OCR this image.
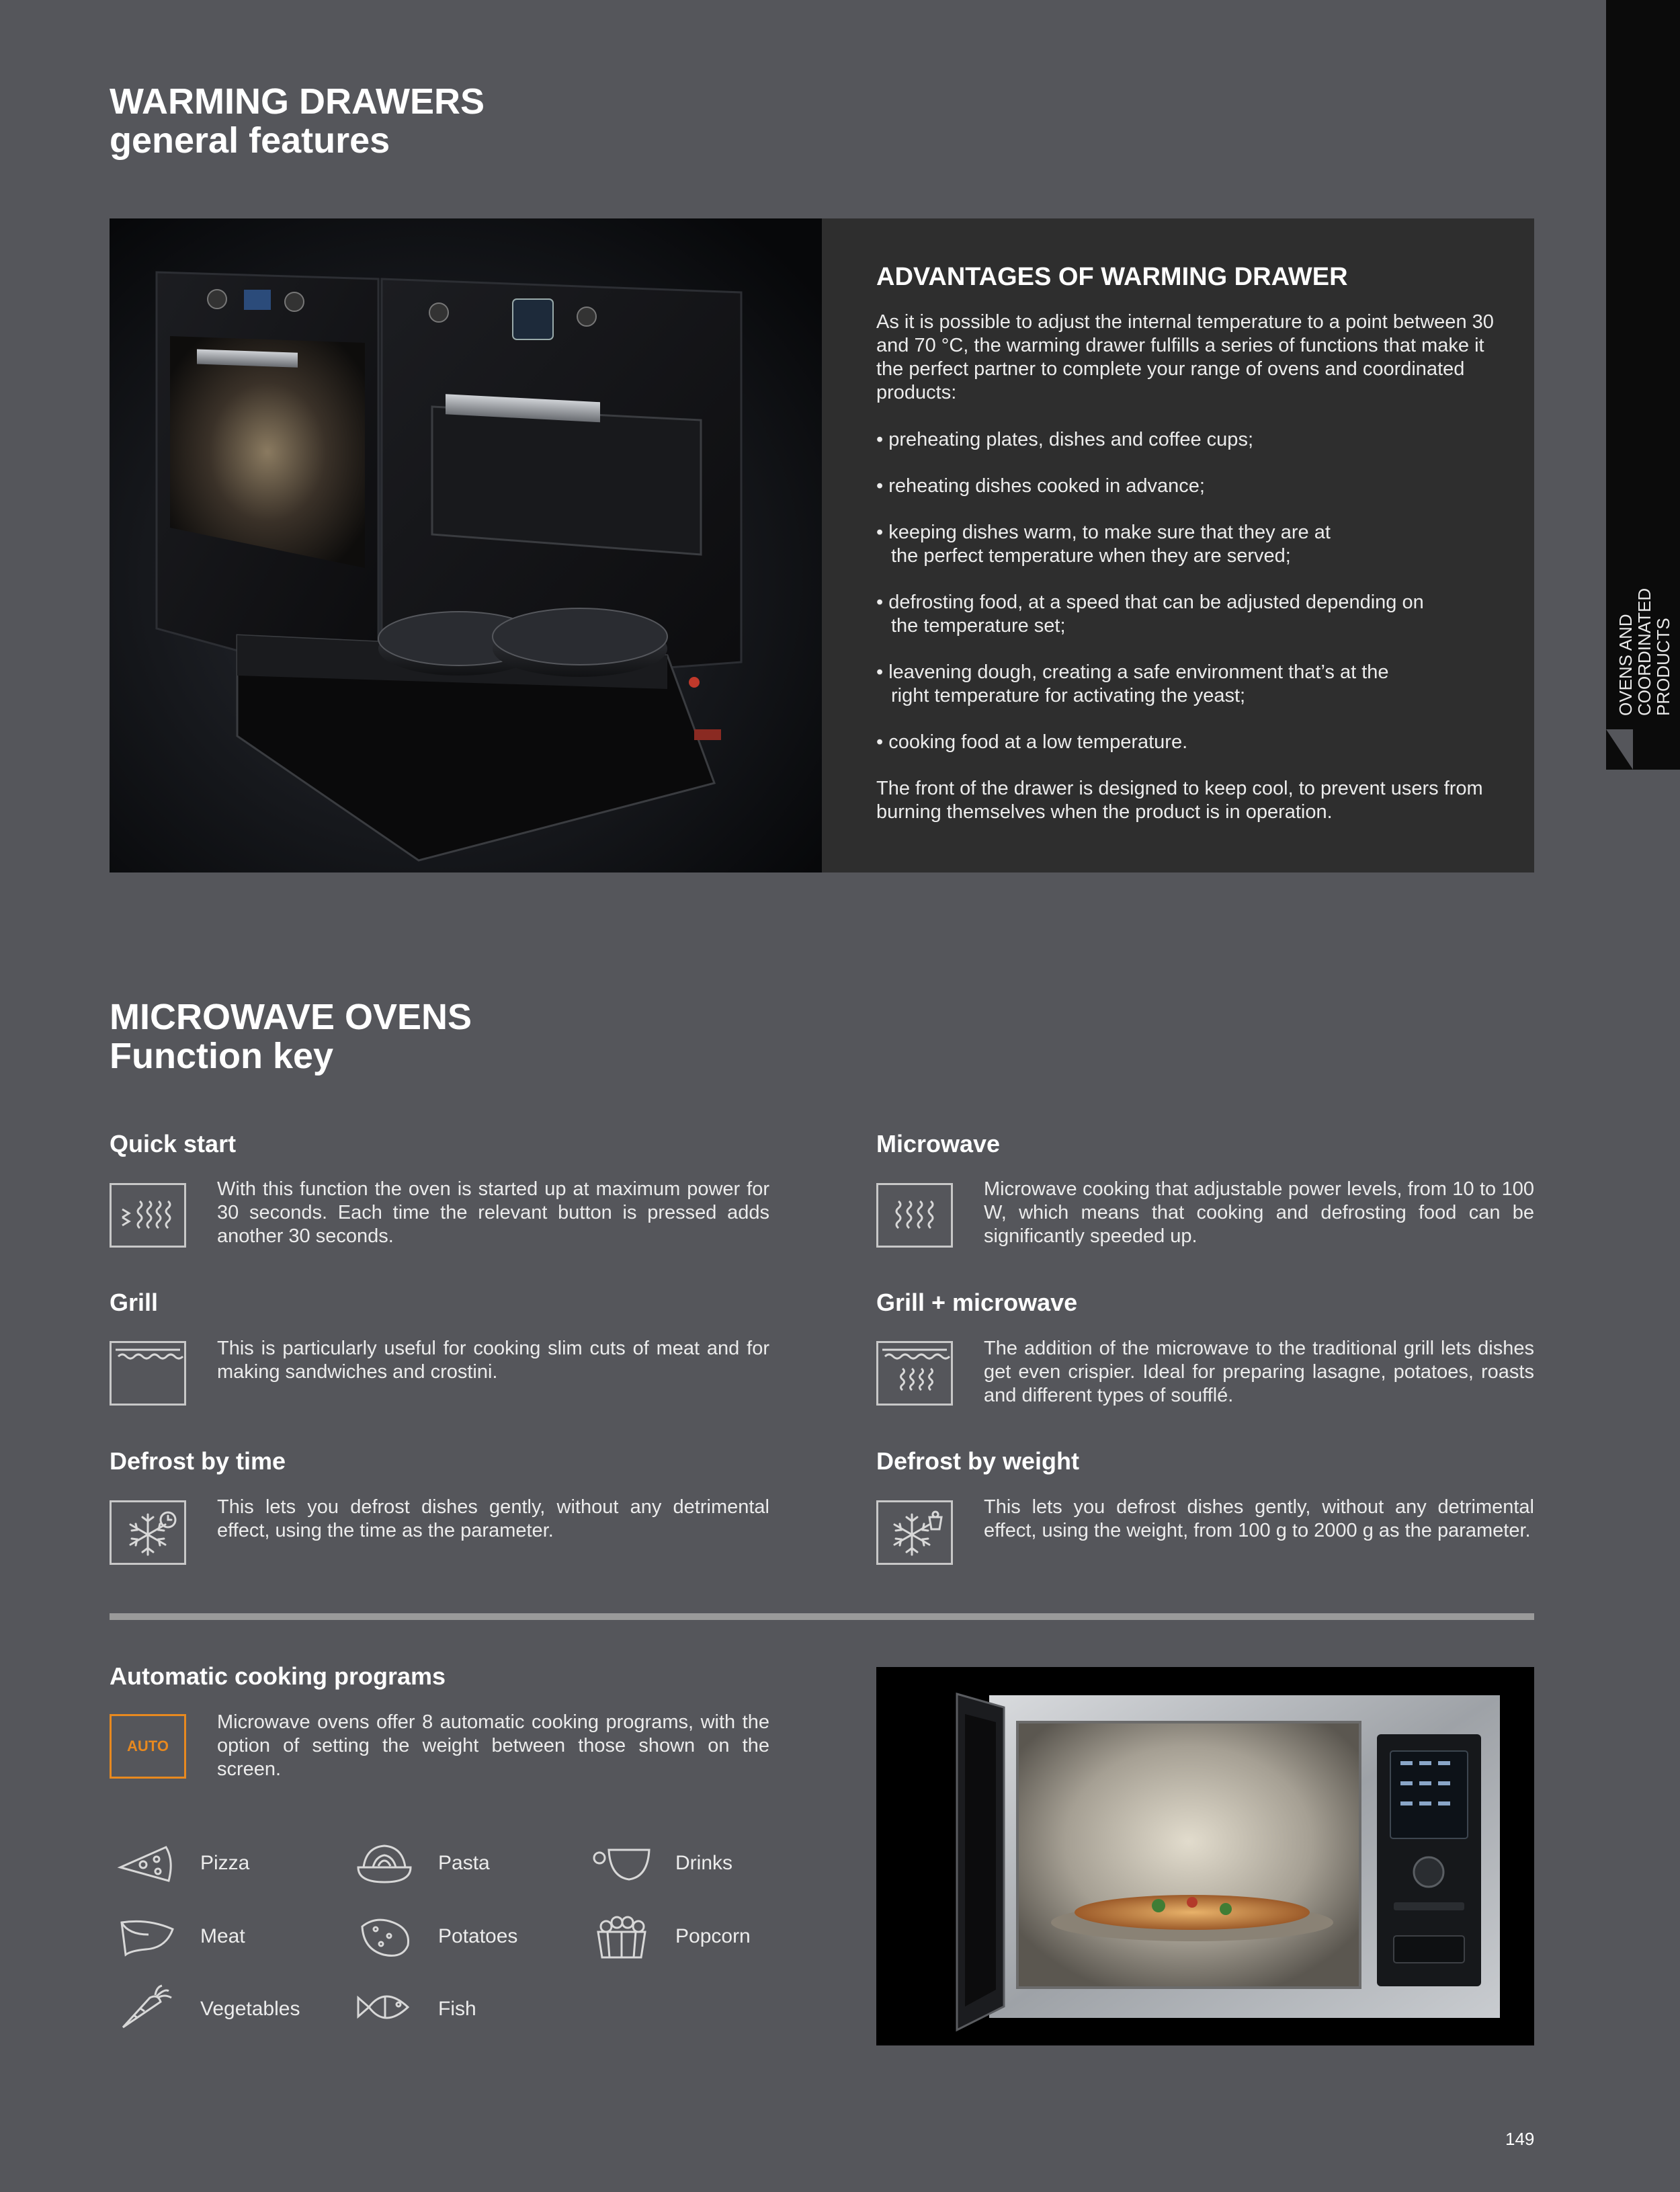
OVENS AND
COORDINATED
PRODUCTS
WARMING DRAWERS
general features
ADVANTAGES OF WARMING DRAWER

As it is possible to adjust the internal temperature to a point between 30 and 70 °C, the warming drawer fulfills a series of functions that make it the perfect partner to complete your range of ovens and coordinated products:

• preheating plates, dishes and coffee cups;

• reheating dishes cooked in advance;

• keeping dishes warm, to make sure that they are at the perfect temperature when they are served;

• defrosting food, at a speed that can be adjusted depending on the temperature set;

• leavening dough, creating a safe environment that’s at the right temperature for activating the yeast;

• cooking food at a low temperature.

The front of the drawer is designed to keep cool, to prevent users from burning themselves when the product is in operation.

MICROWAVE OVENS
Function key
Quick start
With this function the oven is started up at maximum power for 30 seconds. Each time the relevant button is pressed adds another 30 seconds.
Microwave
Microwave cooking that adjustable power levels, from 10 to 100 W, which means that cooking and defrosting food can be significantly speeded up.
Grill
This is particularly useful for cooking slim cuts of meat and for making sandwiches and crostini.
Grill + microwave
The addition of the microwave to the traditional grill lets dishes get even crispier. Ideal for preparing lasagne, potatoes, roasts and different types of soufflé.
Defrost by time
This lets you defrost dishes gently, without any detrimental effect, using the time as the parameter.
Defrost by weight
This lets you defrost dishes gently, without any detrimental effect, using the weight, from 100 g to 2000 g as the parameter.
Automatic cooking programs
AUTO
Microwave ovens offer 8 automatic cooking programs, with the option of setting the weight between those shown on the screen.
Pizza	Pasta	Drinks
Meat	Potatoes	Popcorn
Vegetables	Fish
149
